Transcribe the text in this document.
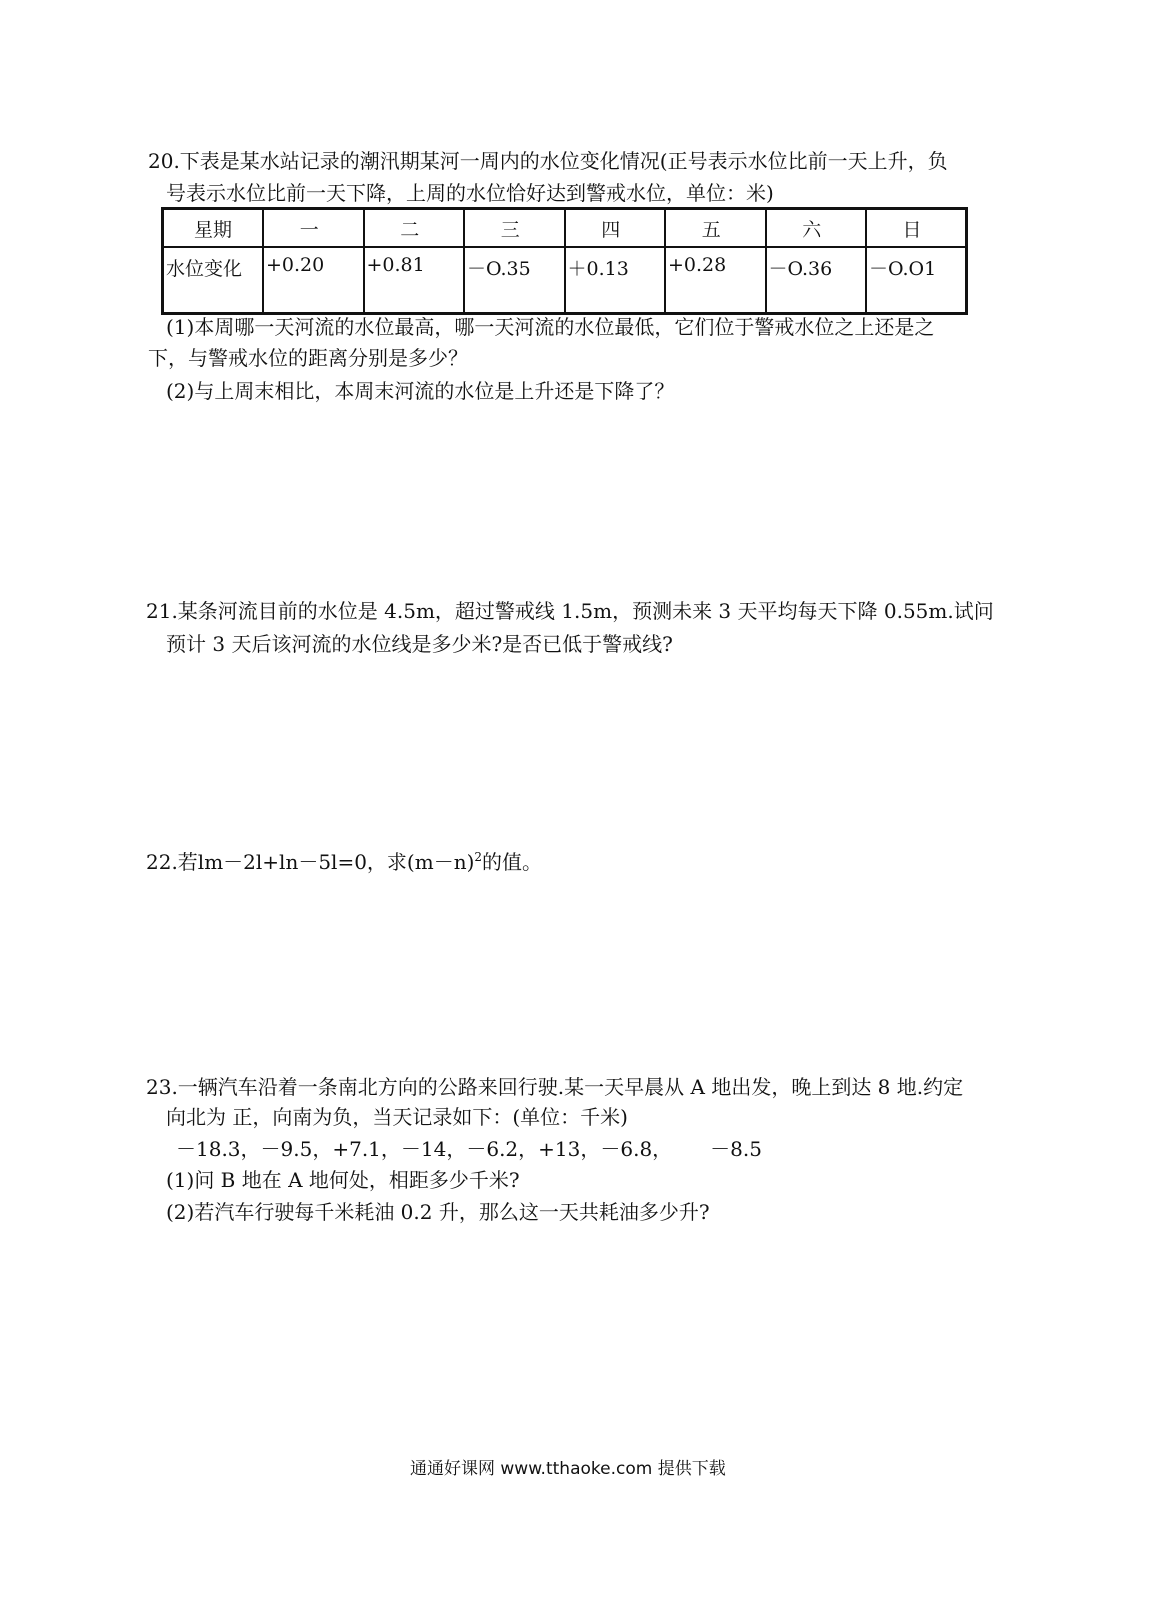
20.下表是某水站记录的潮汛期某河一周内的水位变化情况(正号表示水位比前一天上升，负
号表示水位比前一天下降，上周的水位恰好达到警戒水位，单位：米)
星期	一	二	三	四	五	六	日
水位变化	+0.20	+0.81	－O.35	＋0.13	+0.28	－O.36	－O.O1
(1)本周哪一天河流的水位最高，哪一天河流的水位最低，它们位于警戒水位之上还是之
下，与警戒水位的距离分别是多少？
(2)与上周末相比，本周末河流的水位是上升还是下降了？
21.某条河流目前的水位是 4.5m，超过警戒线 1.5m，预测未来 3 天平均每天下降 0.55m.试问
预计 3 天后该河流的水位线是多少米?是否已低于警戒线?
22.若lm－2l+ln－5l=0，求$(m-n)^2$的值。
23.一辆汽车沿着一条南北方向的公路来回行驶.某一天早晨从 A 地出发，晚上到达 8 地.约定
向北为 正，向南为负，当天记录如下：(单位：千米)
－18.3，－9.5，+7.1，－14，－6.2，+13，－6.8， －8.5
(1)问 B 地在 A 地何处，相距多少千米?
(2)若汽车行驶每千米耗油 0.2 升，那么这一天共耗油多少升?
通通好课网 www.tthaoke.com 提供下载
